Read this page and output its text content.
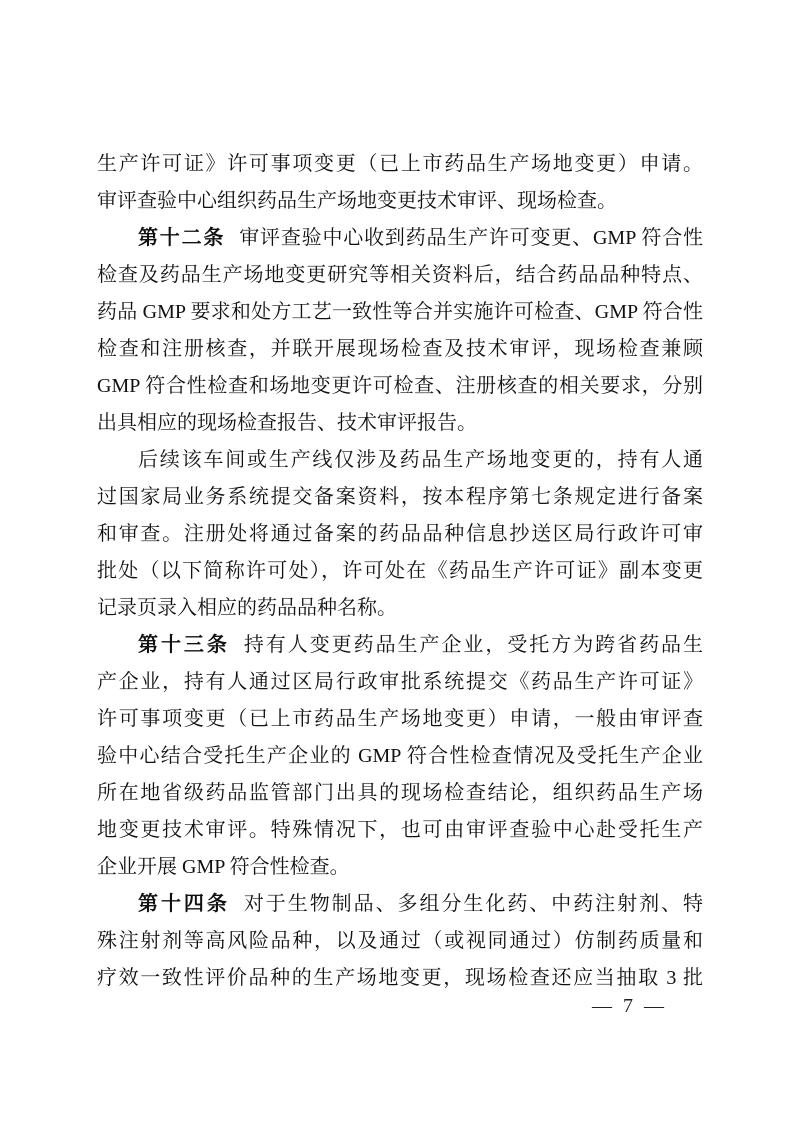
生产许可证》许可事项变更（已上市药品生产场地变更）申请。

审评查验中心组织药品生产场地变更技术审评、现场检查。

第十二条 审评查验中心收到药品生产许可变更、GMP 符合性

检查及药品生产场地变更研究等相关资料后，结合药品品种特点、

药品 GMP 要求和处方工艺一致性等合并实施许可检查、GMP 符合性

检查和注册核查，并联开展现场检查及技术审评，现场检查兼顾

GMP 符合性检查和场地变更许可检查、注册核查的相关要求，分别

出具相应的现场检查报告、技术审评报告。

后续该车间或生产线仅涉及药品生产场地变更的，持有人通

过国家局业务系统提交备案资料，按本程序第七条规定进行备案

和审查。注册处将通过备案的药品品种信息抄送区局行政许可审

批处（以下简称许可处），许可处在《药品生产许可证》副本变更

记录页录入相应的药品品种名称。

第十三条 持有人变更药品生产企业，受托方为跨省药品生

产企业，持有人通过区局行政审批系统提交《药品生产许可证》

许可事项变更（已上市药品生产场地变更）申请，一般由审评查

验中心结合受托生产企业的 GMP 符合性检查情况及受托生产企业

所在地省级药品监管部门出具的现场检查结论，组织药品生产场

地变更技术审评。特殊情况下，也可由审评查验中心赴受托生产

企业开展 GMP 符合性检查。

第十四条 对于生物制品、多组分生化药、中药注射剂、特

殊注射剂等高风险品种，以及通过（或视同通过）仿制药质量和

疗效一致性评价品种的生产场地变更，现场检查还应当抽取 3 批

— 7 —
